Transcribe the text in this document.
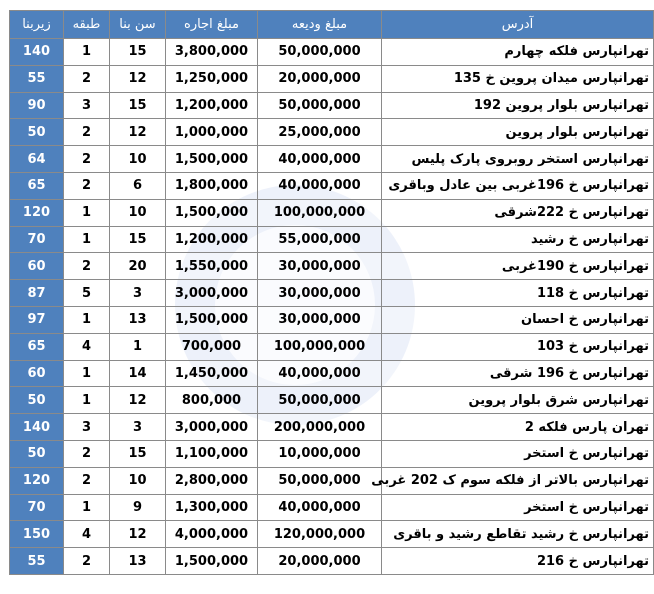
آدرس	مبلغ ودیعه	مبلغ اجاره	سن بنا	طبقه	زیربنا
تهرانپارس فلکه چهارم	50,000,000	3,800,000	15	1	140
تهرانپارس میدان پروین خ 135	20,000,000	1,250,000	12	2	55
تهرانپارس بلوار پروین 192	50,000,000	1,200,000	15	3	90
تهرانپارس بلوار پروین	25,000,000	1,000,000	12	2	50
تهرانپارس استخر روبروی پارک پلیس	40,000,000	1,500,000	10	2	64
تهرانپارس خ 196غربی بین عادل وباقری	40,000,000	1,800,000	6	2	65
تهرانپارس خ 222شرقی	100,000,000	1,500,000	10	1	120
تهرانپارس خ رشید	55,000,000	1,200,000	15	1	70
تهرانپارس خ 190غربی	30,000,000	1,550,000	20	2	60
تهرانپارس خ 118	30,000,000	3,000,000	3	5	87
تهرانپارس خ احسان	30,000,000	1,500,000	13	1	97
تهرانپارس خ 103	100,000,000	700,000	1	4	65
تهرانپارس خ 196 شرقی	40,000,000	1,450,000	14	1	60
تهرانپارس شرق بلوار پروین	50,000,000	800,000	12	1	50
تهران پارس فلکه 2	200,000,000	3,000,000	3	3	140
تهرانپارس خ استخر	10,000,000	1,100,000	15	2	50
تهرانپارس بالاتر از فلکه سوم ک 202 غربی	50,000,000	2,800,000	10	2	120
تهرانپارس خ استخر	40,000,000	1,300,000	9	1	70
تهرانپارس خ رشید تقاطع رشید و باقری	120,000,000	4,000,000	12	4	150
تهرانپارس خ 216	20,000,000	1,500,000	13	2	55
